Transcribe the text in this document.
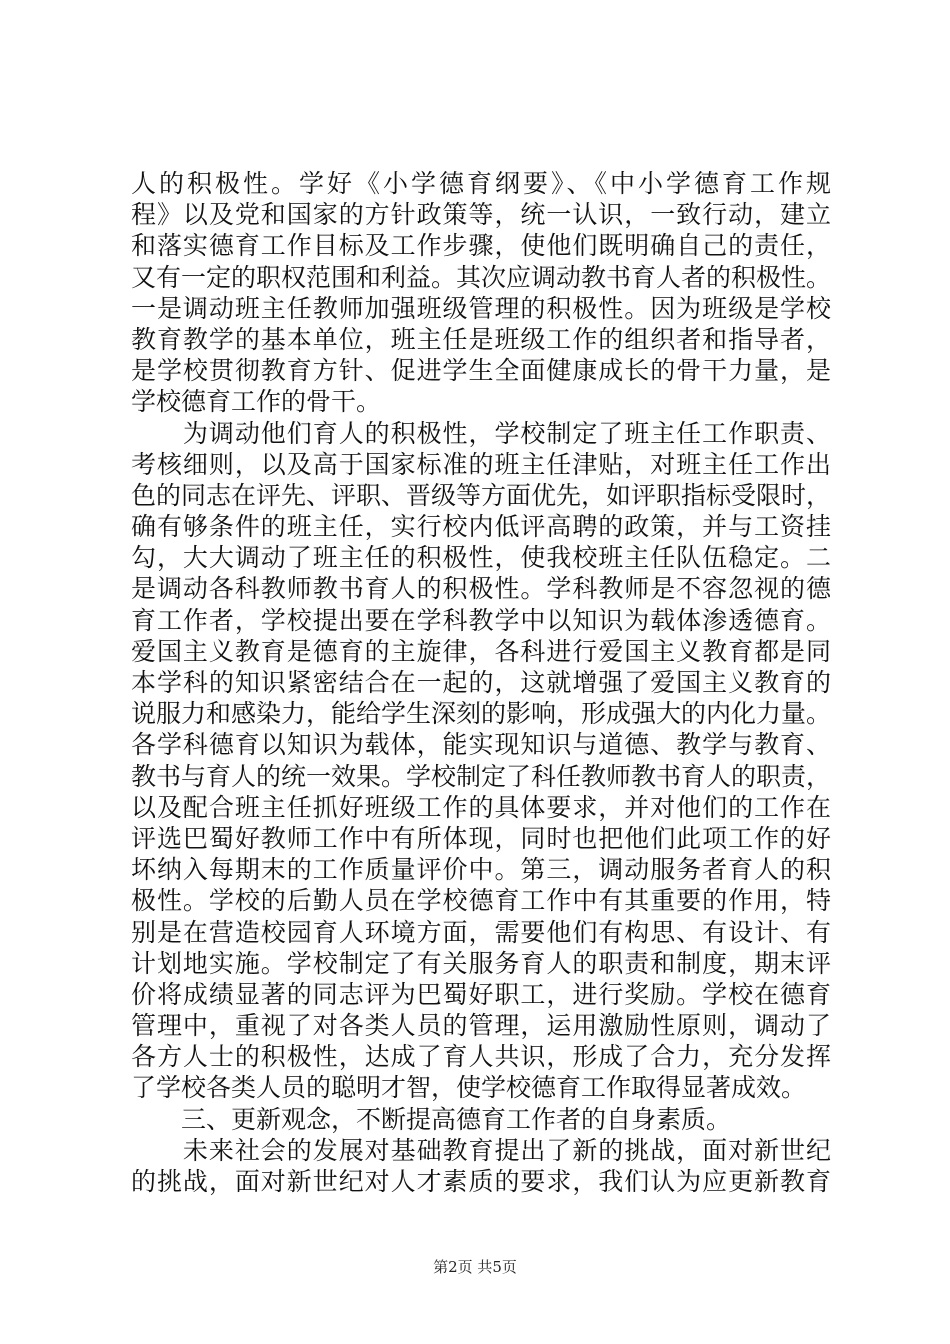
人的积极性。学好《小学德育纲要》、《中小学德育工作规
程》以及党和国家的方针政策等，统一认识，一致行动，建立
和落实德育工作目标及工作步骤，使他们既明确自己的责任，
又有一定的职权范围和利益。其次应调动教书育人者的积极性。
一是调动班主任教师加强班级管理的积极性。因为班级是学校
教育教学的基本单位，班主任是班级工作的组织者和指导者，
是学校贯彻教育方针、促进学生全面健康成长的骨干力量，是
学校德育工作的骨干。
　　为调动他们育人的积极性，学校制定了班主任工作职责、
考核细则，以及高于国家标准的班主任津贴，对班主任工作出
色的同志在评先、评职、晋级等方面优先，如评职指标受限时，
确有够条件的班主任，实行校内低评高聘的政策，并与工资挂
勾，大大调动了班主任的积极性，使我校班主任队伍稳定。二
是调动各科教师教书育人的积极性。学科教师是不容忽视的德
育工作者，学校提出要在学科教学中以知识为载体渗透德育。
爱国主义教育是德育的主旋律，各科进行爱国主义教育都是同
本学科的知识紧密结合在一起的，这就增强了爱国主义教育的
说服力和感染力，能给学生深刻的影响，形成强大的内化力量。
各学科德育以知识为载体，能实现知识与道德、教学与教育、
教书与育人的统一效果。学校制定了科任教师教书育人的职责，
以及配合班主任抓好班级工作的具体要求，并对他们的工作在
评选巴蜀好教师工作中有所体现，同时也把他们此项工作的好
坏纳入每期末的工作质量评价中。第三，调动服务者育人的积
极性。学校的后勤人员在学校德育工作中有其重要的作用，特
别是在营造校园育人环境方面，需要他们有构思、有设计、有
计划地实施。学校制定了有关服务育人的职责和制度，期末评
价将成绩显著的同志评为巴蜀好职工，进行奖励。学校在德育
管理中，重视了对各类人员的管理，运用激励性原则，调动了
各方人士的积极性，达成了育人共识，形成了合力，充分发挥
了学校各类人员的聪明才智，使学校德育工作取得显著成效。
　　三、更新观念，不断提高德育工作者的自身素质。
　　未来社会的发展对基础教育提出了新的挑战，面对新世纪
的挑战，面对新世纪对人才素质的要求，我们认为应更新教育
第2页 共5页
